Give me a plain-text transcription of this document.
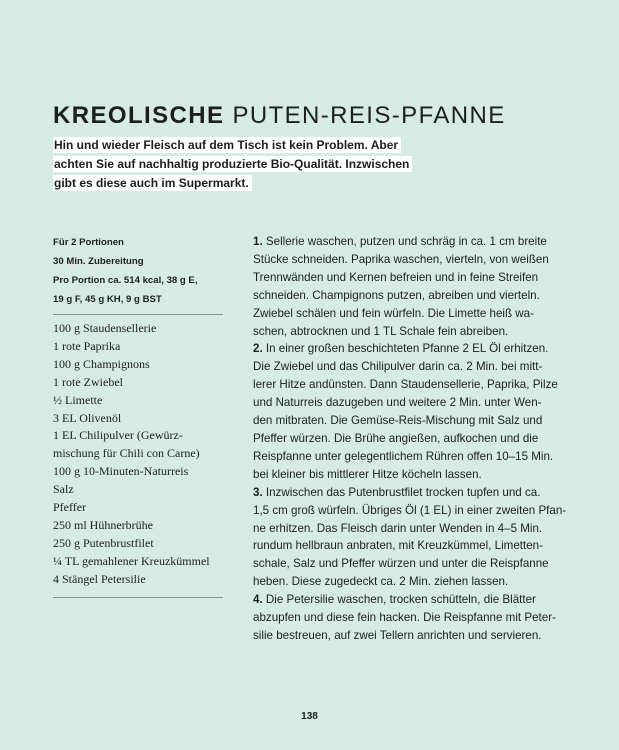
KREOLISCHE PUTEN-REIS-PFANNE
Hin und wieder Fleisch auf dem Tisch ist kein Problem. Aber
achten Sie auf nachhaltig produzierte Bio-Qualität. Inzwischen
gibt es diese auch im Supermarkt.
Für 2 Portionen
30 Min. Zubereitung
Pro Portion ca. 514 kcal, 38 g E,
19 g F, 45 g KH, 9 g BST
100 g Staudensellerie
1 rote Paprika
100 g Champignons
1 rote Zwiebel
½ Limette
3 EL Olivenöl
1 EL Chilipulver (Gewürz-
mischung für Chili con Carne)
100 g 10-Minuten-Naturreis
Salz
Pfeffer
250 ml Hühnerbrühe
250 g Putenbrustfilet
¼ TL gemahlener Kreuzkümmel
4 Stängel Petersilie
1. Sellerie waschen, putzen und schräg in ca. 1 cm breite
Stücke schneiden. Paprika waschen, vierteln, von weißen
Trennwänden und Kernen befreien und in feine Streifen
schneiden. Champignons putzen, abreiben und vierteln.
Zwiebel schälen und fein würfeln. Die Limette heiß wa-
schen, abtrocknen und 1 TL Schale fein abreiben.
2. In einer großen beschichteten Pfanne 2 EL Öl erhitzen.
Die Zwiebel und das Chilipulver darin ca. 2 Min. bei mitt-
lerer Hitze andünsten. Dann Staudensellerie, Paprika, Pilze
und Naturreis dazugeben und weitere 2 Min. unter Wen-
den mitbraten. Die Gemüse-Reis-Mischung mit Salz und
Pfeffer würzen. Die Brühe angießen, aufkochen und die
Reispfanne unter gelegentlichem Rühren offen 10–15 Min.
bei kleiner bis mittlerer Hitze köcheln lassen.
3. Inzwischen das Putenbrustfilet trocken tupfen und ca.
1,5 cm groß würfeln. Übriges Öl (1 EL) in einer zweiten Pfan-
ne erhitzen. Das Fleisch darin unter Wenden in 4–5 Min.
rundum hellbraun anbraten, mit Kreuzkümmel, Limetten-
schale, Salz und Pfeffer würzen und unter die Reispfanne
heben. Diese zugedeckt ca. 2 Min. ziehen lassen.
4. Die Petersilie waschen, trocken schütteln, die Blätter
abzupfen und diese fein hacken. Die Reispfanne mit Peter-
silie bestreuen, auf zwei Tellern anrichten und servieren.
138
